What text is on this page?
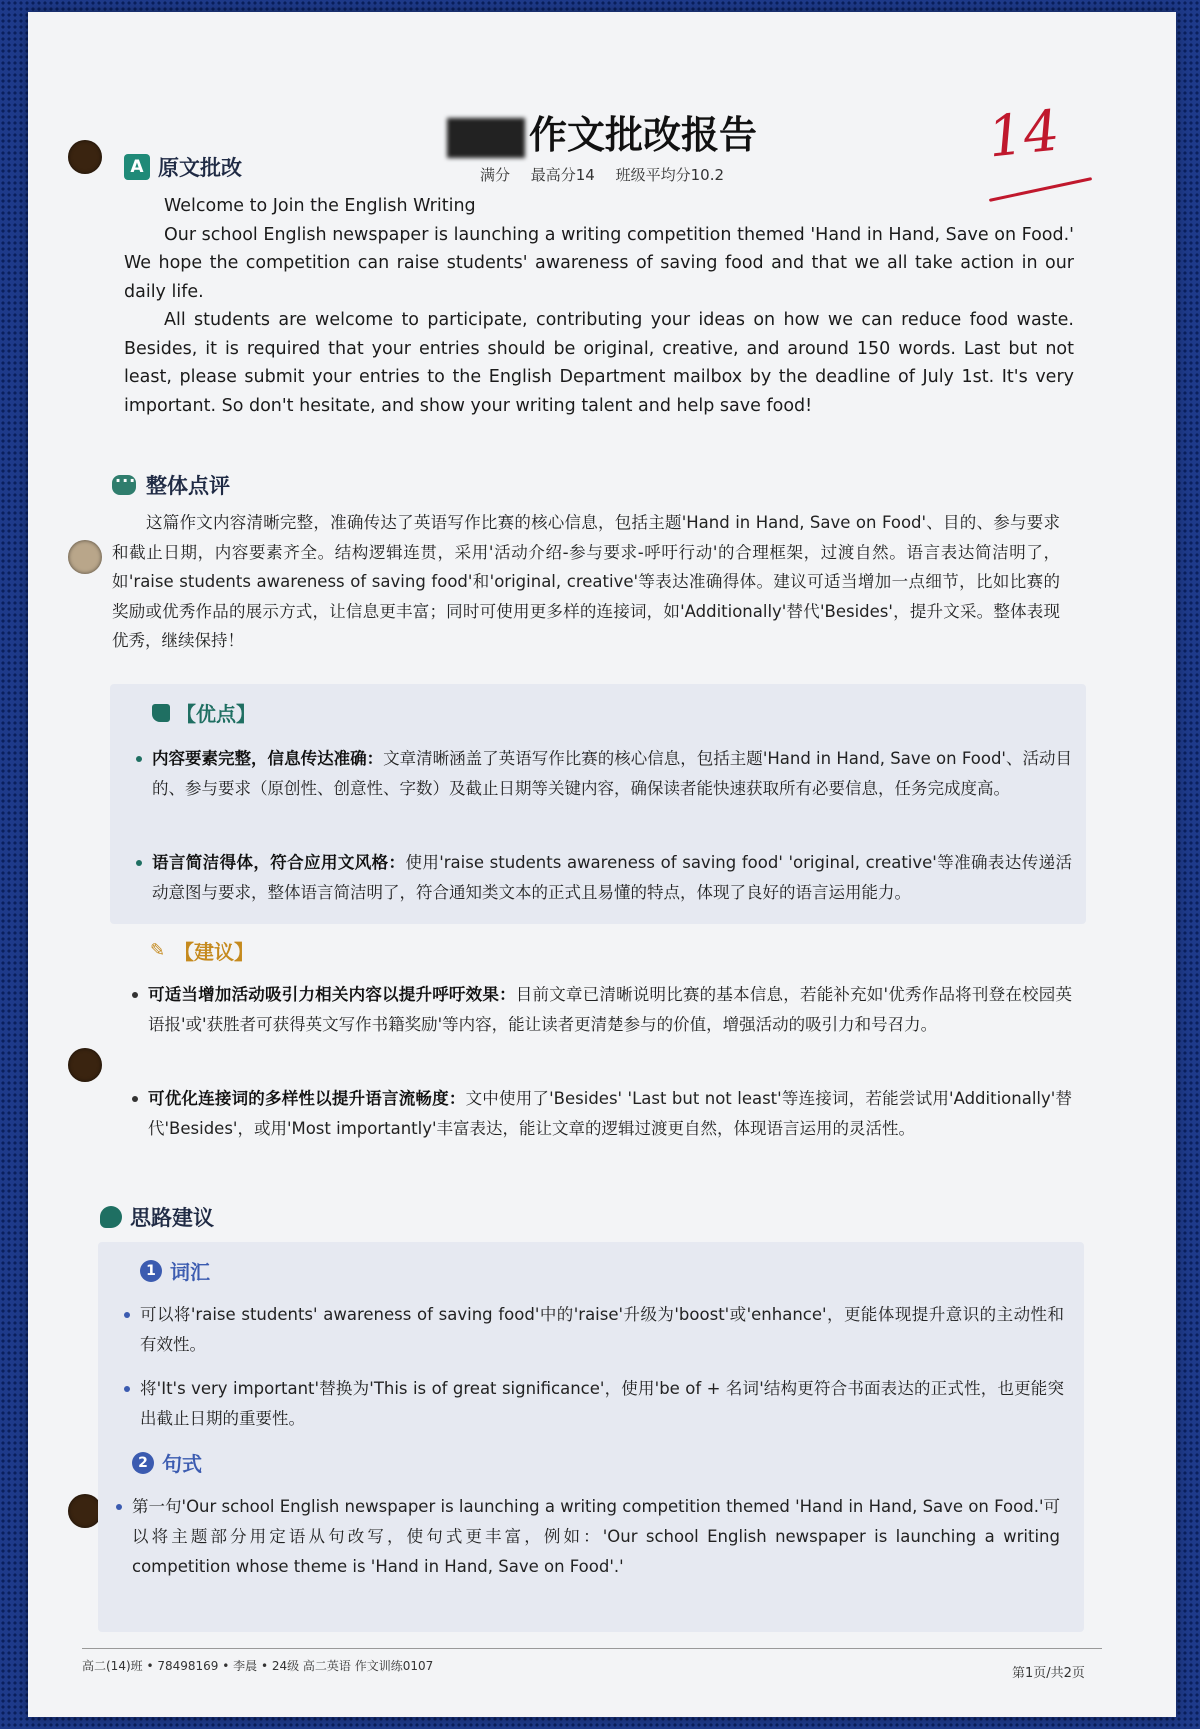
作文批改报告
满分 最高分14 班级平均分10.2
14
A 原文批改

Welcome to Join the English Writing

Our school English newspaper is launching a writing competition themed 'Hand in Hand, Save on Food.' We hope the competition can raise students' awareness of saving food and that we all take action in our daily life.

All students are welcome to participate, contributing your ideas on how we can reduce food waste. Besides, it is required that your entries should be original, creative, and around 150 words. Last but not least, please submit your entries to the English Department mailbox by the deadline of July 1st. It's very important. So don't hesitate, and show your writing talent and help save food!

···
整体点评
这篇作文内容清晰完整，准确传达了英语写作比赛的核心信息，包括主题'Hand in Hand, Save on Food'、目的、参与要求和截止日期，内容要素齐全。结构逻辑连贯，采用'活动介绍-参与要求-呼吁行动'的合理框架，过渡自然。语言表达简洁明了，如'raise students awareness of saving food'和'original, creative'等表达准确得体。建议可适当增加一点细节，比如比赛的奖励或优秀作品的展示方式，让信息更丰富；同时可使用更多样的连接词，如'Additionally'替代'Besides'，提升文采。整体表现优秀，继续保持！
【优点】
内容要素完整，信息传达准确：文章清晰涵盖了英语写作比赛的核心信息，包括主题'Hand in Hand, Save on Food'、活动目的、参与要求（原创性、创意性、字数）及截止日期等关键内容，确保读者能快速获取所有必要信息，任务完成度高。
语言简洁得体，符合应用文风格：使用'raise students awareness of saving food' 'original, creative'等准确表达传递活动意图与要求，整体语言简洁明了，符合通知类文本的正式且易懂的特点，体现了良好的语言运用能力。
✎ 【建议】
可适当增加活动吸引力相关内容以提升呼吁效果：目前文章已清晰说明比赛的基本信息，若能补充如'优秀作品将刊登在校园英语报'或'获胜者可获得英文写作书籍奖励'等内容，能让读者更清楚参与的价值，增强活动的吸引力和号召力。
可优化连接词的多样性以提升语言流畅度：文中使用了'Besides' 'Last but not least'等连接词，若能尝试用'Additionally'替代'Besides'，或用'Most importantly'丰富表达，能让文章的逻辑过渡更自然，体现语言运用的灵活性。
思路建议
1 词汇
可以将'raise students' awareness of saving food'中的'raise'升级为'boost'或'enhance'，更能体现提升意识的主动性和有效性。
将'It's very important'替换为'This is of great significance'，使用'be of + 名词'结构更符合书面表达的正式性，也更能突出截止日期的重要性。
2 句式
第一句'Our school English newspaper is launching a writing competition themed 'Hand in Hand, Save on Food.'可以将主题部分用定语从句改写，使句式更丰富，例如：'Our school English newspaper is launching a writing competition whose theme is 'Hand in Hand, Save on Food'.'
高二(14)班 • 78498169 • 李晨 • 24级 高二英语 作文训练0107	第1页/共2页
